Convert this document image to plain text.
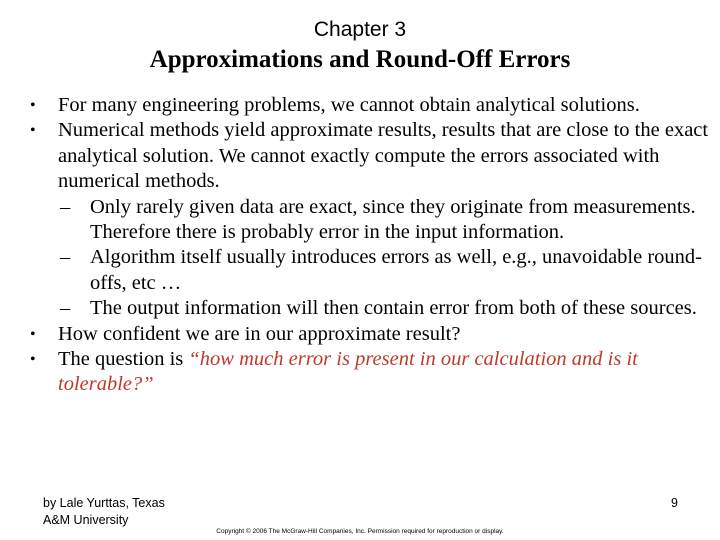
Chapter 3
Approximations and Round-Off Errors
• For many engineering problems, we cannot obtain analytical solutions.
• Numerical methods yield approximate results, results that are close to the exact analytical solution. We cannot exactly compute the errors associated with numerical methods.
– Only rarely given data are exact, since they originate from measurements. Therefore there is probably error in the input information.
– Algorithm itself usually introduces errors as well, e.g., unavoidable round-offs, etc …
– The output information will then contain error from both of these sources.
• How confident we are in our approximate result?
• The question is “how much error is present in our calculation and is it tolerable?”
by Lale Yurttas, Texas
A&M University
9
Copyright © 2006 The McGraw-Hill Companies, Inc. Permission required for reproduction or display.
